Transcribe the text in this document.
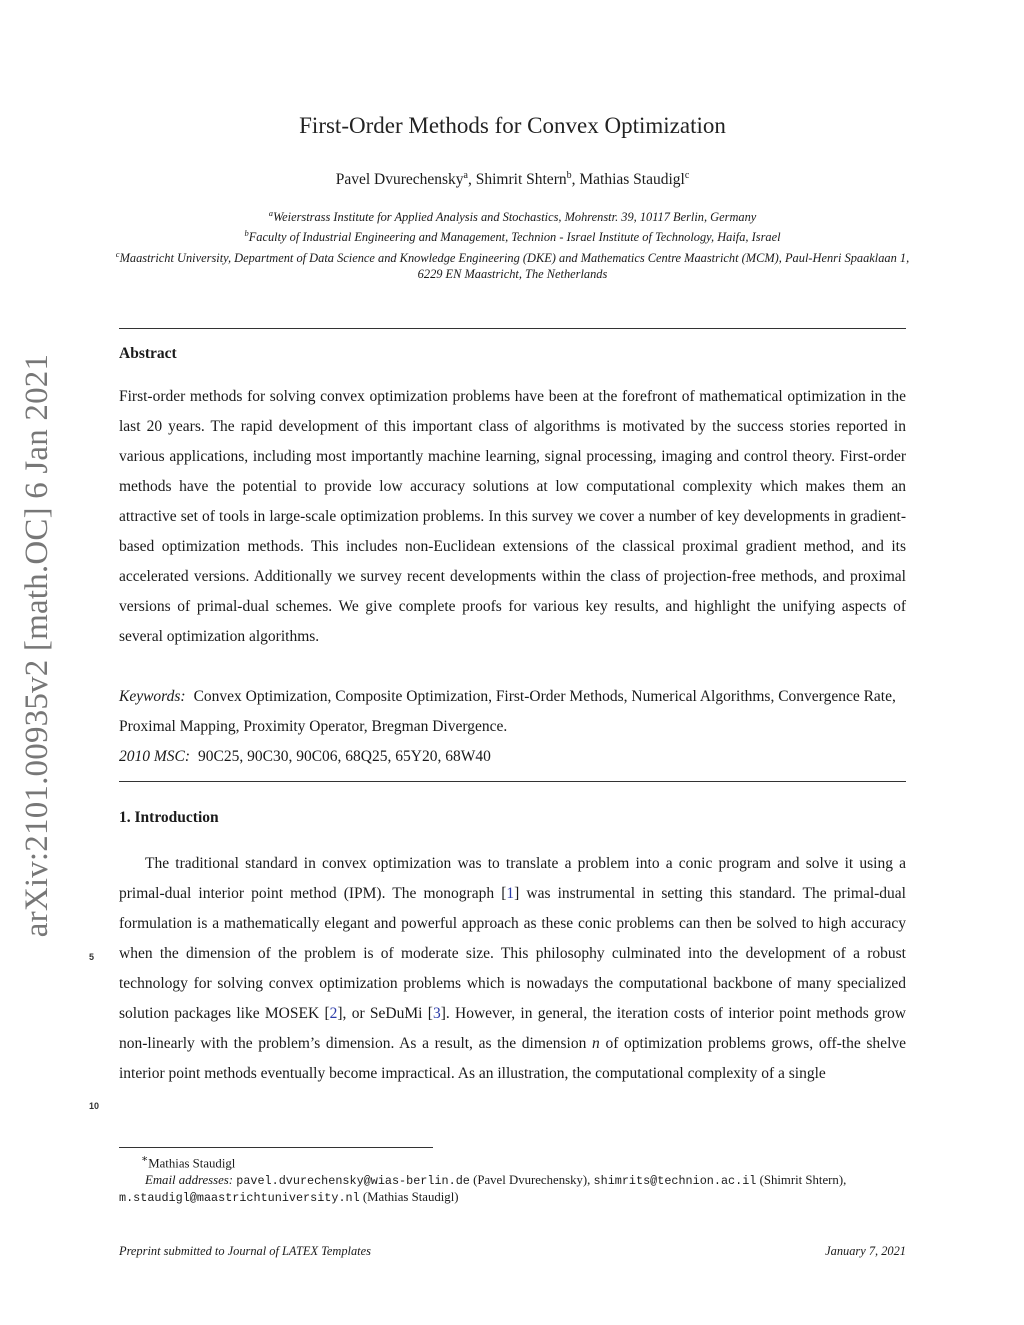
arXiv:2101.00935v2 [math.OC] 6 Jan 2021
First-Order Methods for Convex Optimization
Pavel Dvurechensky$^a$, Shimrit Shtern$^b$, Mathias Staudigl$^c$
$^a$Weierstrass Institute for Applied Analysis and Stochastics, Mohrenstr. 39, 10117 Berlin, Germany
$^b$Faculty of Industrial Engineering and Management, Technion - Israel Institute of Technology, Haifa, Israel
$^c$Maastricht University, Department of Data Science and Knowledge Engineering (DKE) and Mathematics Centre Maastricht (MCM), Paul-Henri Spaaklaan 1, 6229 EN Maastricht, The Netherlands
Abstract
First-order methods for solving convex optimization problems have been at the forefront of mathematical optimization in the last 20 years. The rapid development of this important class of algorithms is motivated by the success stories reported in various applications, including most importantly machine learning, signal processing, imaging and control theory. First-order methods have the potential to provide low accuracy solutions at low computational complexity which makes them an attractive set of tools in large-scale optimization problems. In this survey we cover a number of key developments in gradient-based optimization methods. This includes non-Euclidean extensions of the classical proximal gradient method, and its accelerated versions. Additionally we survey recent developments within the class of projection-free methods, and proximal versions of primal-dual schemes. We give complete proofs for various key results, and highlight the unifying aspects of several optimization algorithms.
Keywords: Convex Optimization, Composite Optimization, First-Order Methods, Numerical Algorithms, Convergence Rate, Proximal Mapping, Proximity Operator, Bregman Divergence.
2010 MSC: 90C25, 90C30, 90C06, 68Q25, 65Y20, 68W40
1. Introduction
The traditional standard in convex optimization was to translate a problem into a conic program and solve it using a primal-dual interior point method (IPM). The monograph [1] was instrumental in setting this standard. The primal-dual formulation is a mathematically elegant and powerful approach as these conic problems can then be solved to high accuracy when the dimension of the problem is of moderate size. This philosophy culminated into the development of a robust technology for solving convex optimization problems which is nowadays the computational backbone of many specialized solution packages like MOSEK [2], or SeDuMi [3]. However, in general, the iteration costs of interior point methods grow non-linearly with the problem’s dimension. As a result, as the dimension n of optimization problems grows, off-the shelve interior point methods eventually become impractical. As an illustration, the computational complexity of a single
5
10
∗Mathias Staudigl
Email addresses: pavel.dvurechensky@wias-berlin.de (Pavel Dvurechensky), shimrits@technion.ac.il (Shimrit Shtern), m.staudigl@maastrichtuniversity.nl (Mathias Staudigl)
Preprint submitted to Journal of LATEX Templates	January 7, 2021
